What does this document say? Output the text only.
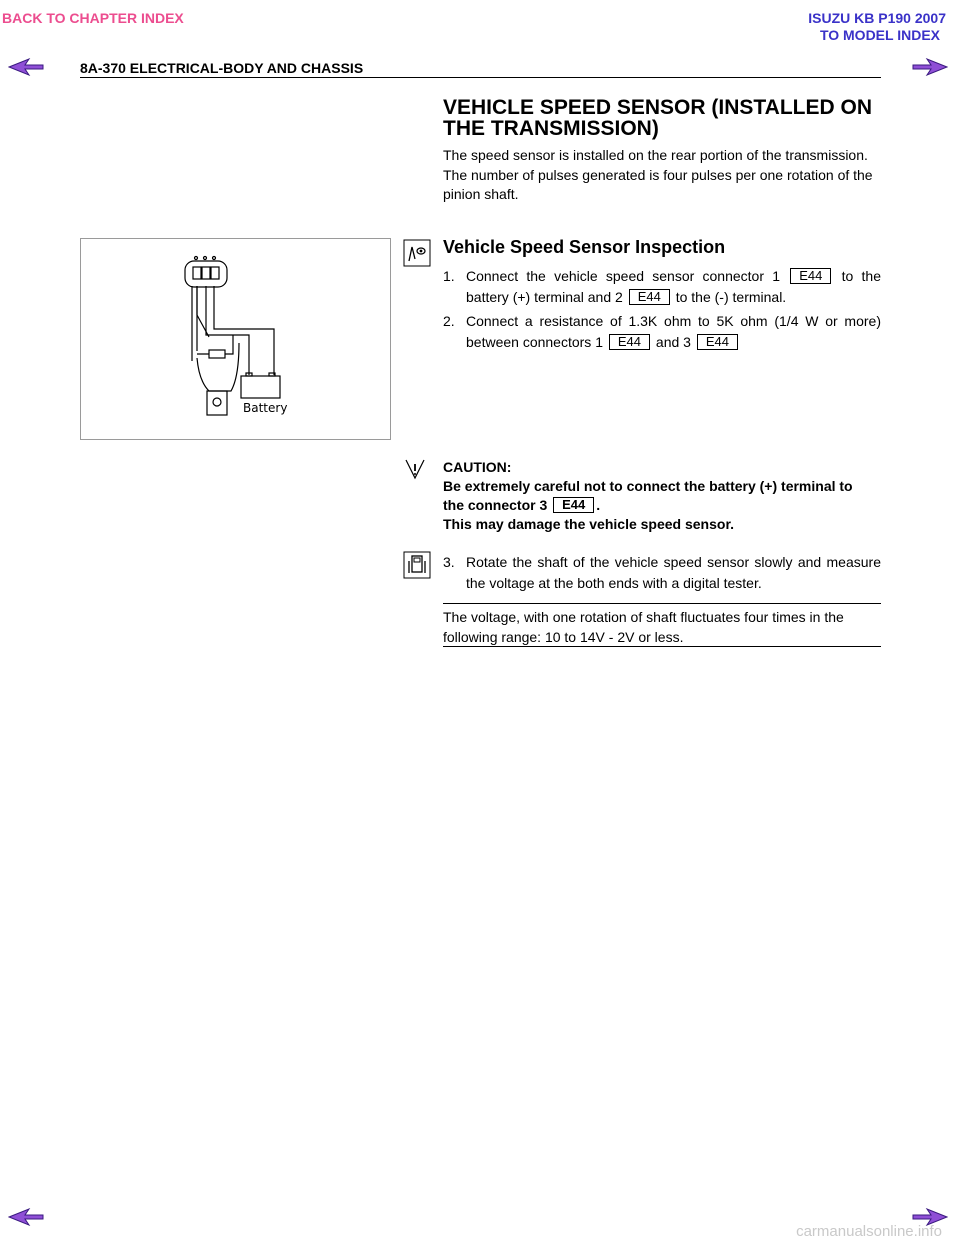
BACK TO CHAPTER INDEX	ISUZU KB P190 2007
TO MODEL INDEX
8A-370 ELECTRICAL-BODY AND CHASSIS
VEHICLE SPEED SENSOR (INSTALLED ON THE TRANSMISSION)
The speed sensor is installed on the rear portion of the transmission.
The number of pulses generated is four pulses per one rotation of the pinion shaft.
Battery
Vehicle Speed Sensor Inspection
1. Connect the vehicle speed sensor connector 1 E44 to the battery (+) terminal and 2 E44 to the (-) terminal.
2. Connect a resistance of 1.3K ohm to 5K ohm (1/4 W or more) between connectors 1 E44 and 3 E44
CAUTION:
Be extremely careful not to connect the battery (+) terminal to the connector 3 E44 .
This may damage the vehicle speed sensor.
3. Rotate the shaft of the vehicle speed sensor slowly and measure the voltage at the both ends with a digital tester.
The voltage, with one rotation of shaft fluctuates four times in the following range: 10 to 14V - 2V or less.
carmanualsonline.info
